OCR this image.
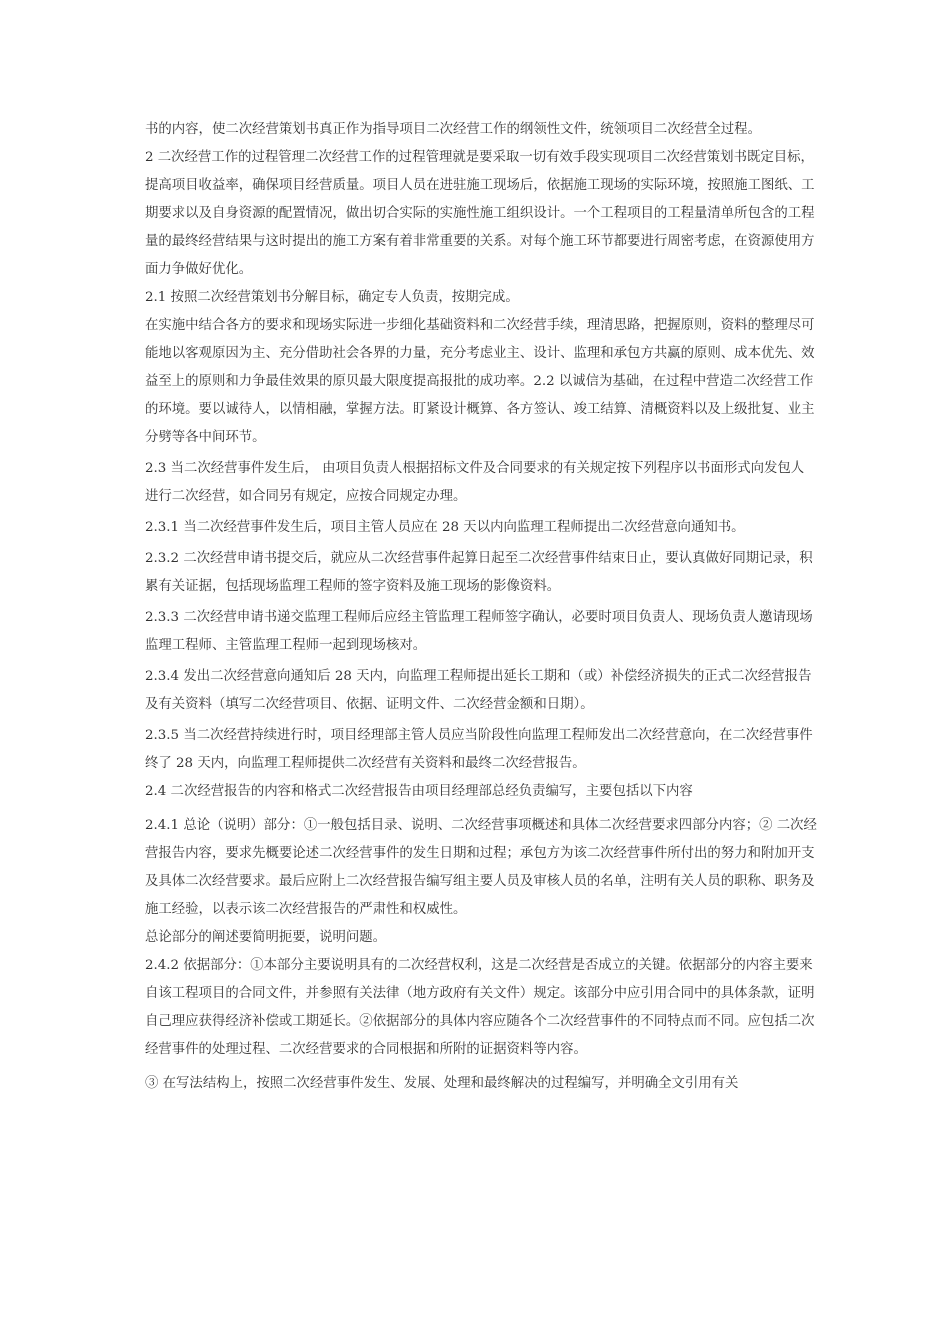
书的内容，使二次经营策划书真正作为指导项目二次经营工作的纲领性文件，统领项目二次经营全过程。

2 二次经营工作的过程管理二次经营工作的过程管理就是要采取一切有效手段实现项目二次经营策划书既定目标，提高项目收益率，确保项目经营质量。项目人员在进驻施工现场后，依据施工现场的实际环境，按照施工图纸、工期要求以及自身资源的配置情况，做出切合实际的实施性施工组织设计。一个工程项目的工程量清单所包含的工程量的最终经营结果与这时提出的施工方案有着非常重要的关系。对每个施工环节都要进行周密考虑，在资源使用方面力争做好优化。

2.1 按照二次经营策划书分解目标，确定专人负责，按期完成。

在实施中结合各方的要求和现场实际进一步细化基础资料和二次经营手续，理清思路，把握原则，资料的整理尽可能地以客观原因为主、充分借助社会各界的力量，充分考虑业主、设计、监理和承包方共赢的原则、成本优先、效益至上的原则和力争最佳效果的原贝最大限度提高报批的成功率。2.2 以诚信为基础，在过程中营造二次经营工作的环境。要以诚待人，以情相融，掌握方法。盯紧设计概算、各方签认、竣工结算、清概资料以及上级批复、业主分劈等各中间环节。

2.3 当二次经营事件发生后， 由项目负责人根据招标文件及合同要求的有关规定按下列程序以书面形式向发包人进行二次经营，如合同另有规定，应按合同规定办理。

2.3.1 当二次经营事件发生后，项目主管人员应在 28 天以内向监理工程师提出二次经营意向通知书。

2.3.2 二次经营申请书提交后，就应从二次经营事件起算日起至二次经营事件结束日止，要认真做好同期记录，积累有关证据，包括现场监理工程师的签字资料及施工现场的影像资料。

2.3.3 二次经营申请书递交监理工程师后应经主管监理工程师签字确认，必要时项目负责人、现场负责人邀请现场监理工程师、主管监理工程师一起到现场核对。

2.3.4 发出二次经营意向通知后 28 天内，向监理工程师提出延长工期和（或）补偿经济损失的正式二次经营报告及有关资料（填写二次经营项目、依据、证明文件、二次经营金额和日期）。

2.3.5 当二次经营持续进行时，项目经理部主管人员应当阶段性向监理工程师发出二次经营意向，在二次经营事件终了 28 天内，向监理工程师提供二次经营有关资料和最终二次经营报告。

2.4 二次经营报告的内容和格式二次经营报告由项目经理部总经负责编写，主要包括以下内容

2.4.1 总论（说明）部分：①一般包括目录、说明、二次经营事项概述和具体二次经营要求四部分内容；② 二次经营报告内容，要求先概要论述二次经营事件的发生日期和过程；承包方为该二次经营事件所付出的努力和附加开支及具体二次经营要求。最后应附上二次经营报告编写组主要人员及审核人员的名单，注明有关人员的职称、职务及施工经验，以表示该二次经营报告的严肃性和权威性。

总论部分的阐述要简明扼要，说明问题。

2.4.2 依据部分：①本部分主要说明具有的二次经营权利，这是二次经营是否成立的关键。依据部分的内容主要来自该工程项目的合同文件，并参照有关法律（地方政府有关文件）规定。该部分中应引用合同中的具体条款，证明自己理应获得经济补偿或工期延长。②依据部分的具体内容应随各个二次经营事件的不同特点而不同。应包括二次经营事件的处理过程、二次经营要求的合同根据和所附的证据资料等内容。

③ 在写法结构上，按照二次经营事件发生、发展、处理和最终解决的过程编写，并明确全文引用有关
